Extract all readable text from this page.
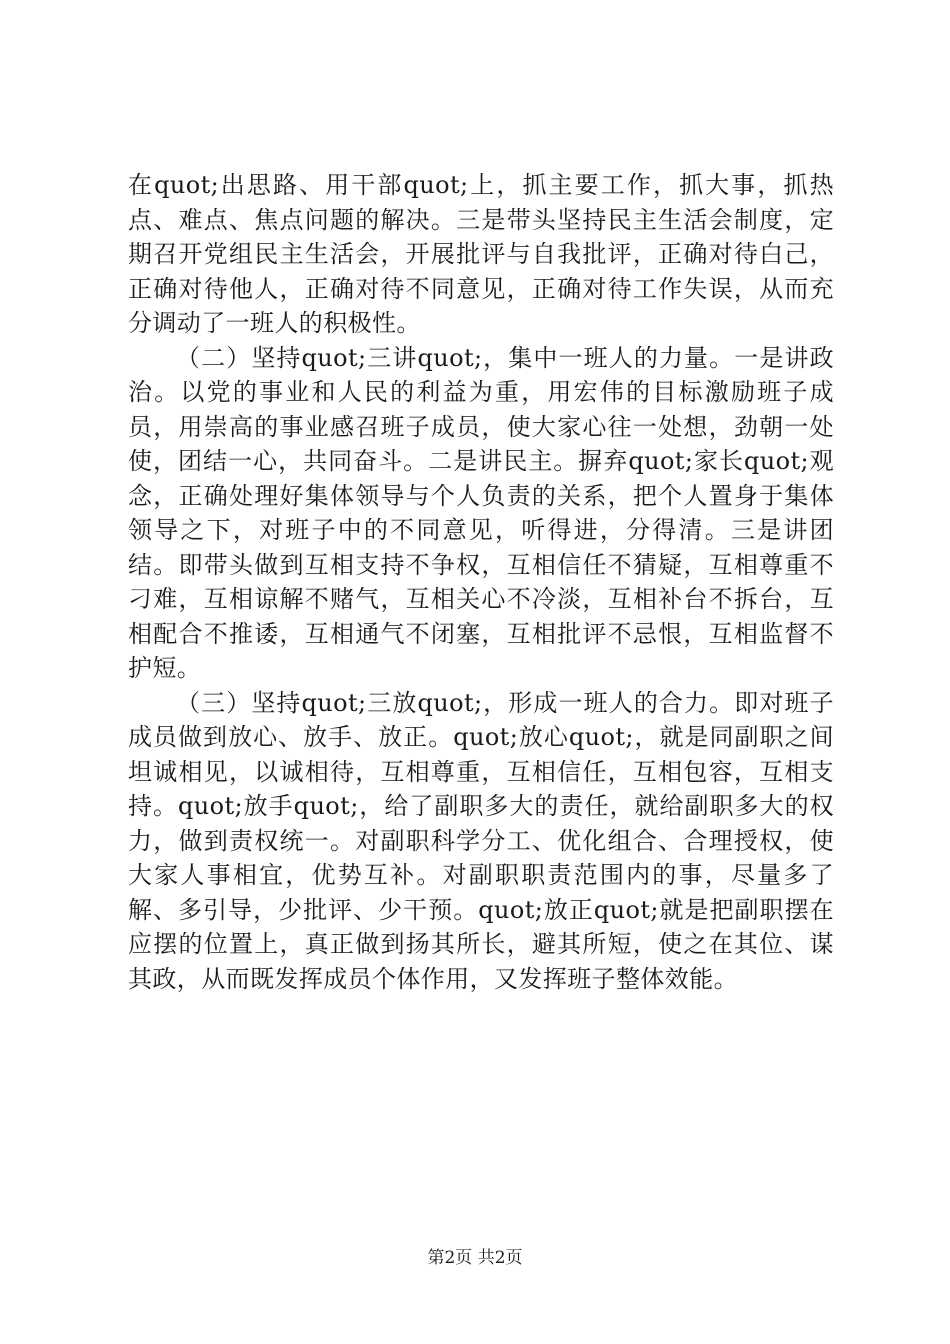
在quot;出思路、用干部quot;上，抓主要工作，抓大事，抓热点、难点、焦点问题的解决。三是带头坚持民主生活会制度，定期召开党组民主生活会，开展批评与自我批评，正确对待白己，正确对待他人，正确对待不同意见，正确对待工作失误，从而充分调动了一班人的积极性。

（二）坚持quot;三讲quot;，集中一班人的力量。一是讲政治。以党的事业和人民的利益为重，用宏伟的目标激励班子成员，用崇高的事业感召班子成员，使大家心往一处想，劲朝一处使，团结一心，共同奋斗。二是讲民主。摒弃quot;家长quot;观念，正确处理好集体领导与个人负责的关系，把个人置身于集体领导之下，对班子中的不同意见，听得进，分得清。三是讲团结。即带头做到互相支持不争权，互相信任不猜疑，互相尊重不刁难，互相谅解不赌气，互相关心不冷淡，互相补台不拆台，互相配合不推诿，互相通气不闭塞，互相批评不忌恨，互相监督不护短。

（三）坚持quot;三放quot;，形成一班人的合力。即对班子成员做到放心、放手、放正。quot;放心quot;，就是同副职之间坦诚相见，以诚相待，互相尊重，互相信任，互相包容，互相支持。quot;放手quot;，给了副职多大的责任，就给副职多大的权力，做到责权统一。对副职科学分工、优化组合、合理授权，使大家人事相宜，优势互补。对副职职责范围内的事，尽量多了解、多引导，少批评、少干预。quot;放正quot;就是把副职摆在应摆的位置上，真正做到扬其所长，避其所短，使之在其位、谋其政，从而既发挥成员个体作用，又发挥班子整体效能。

第2页 共2页
